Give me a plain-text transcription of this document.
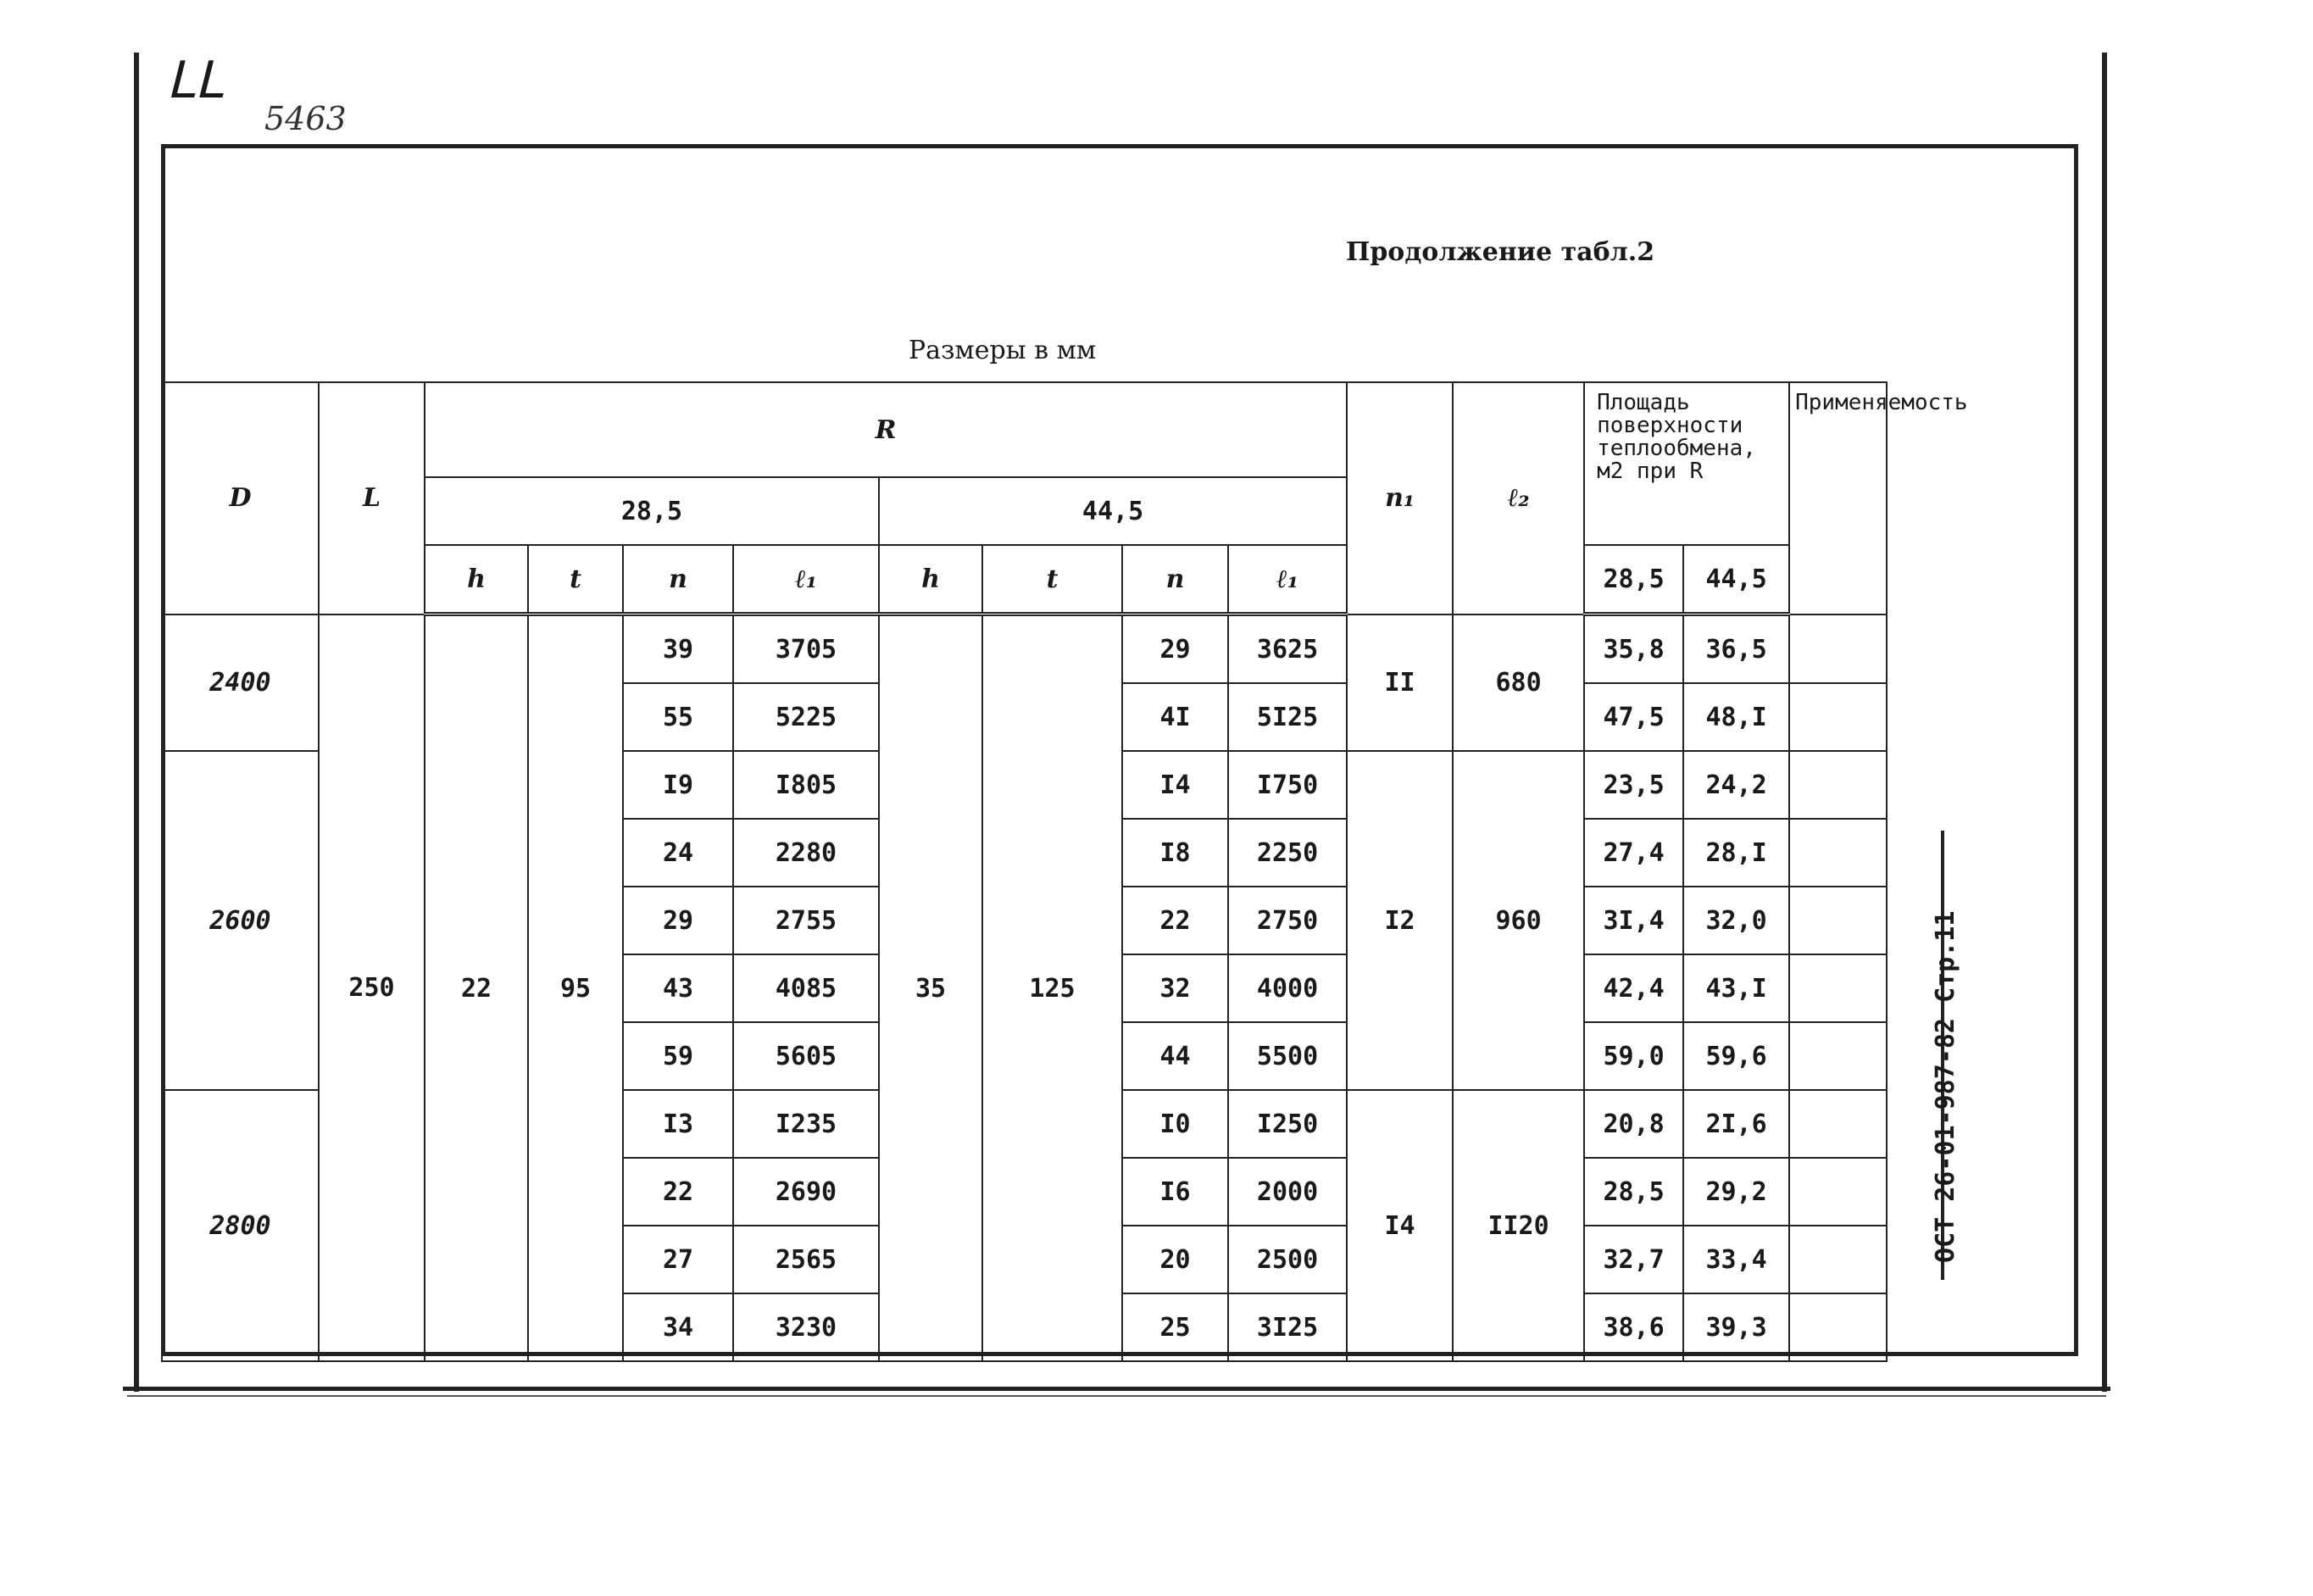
ᒪᒪ
5463
Продолжение табл.2
Размеры в мм
ОСТ 26-01-987-82 Стр.11
D	L	R								n₁	ℓ₂	Площадь поверхности теплообмена, м2 при R		Применяемость
		28,5				44,5								
		h	t	n	ℓ₁	h	t	n	ℓ₁			28,5	44,5	
2400	250	22	95	39	3705	35	125	29	3625	II	680	35,8	36,5	
				55	5225			4I	5I25			47,5	48,I	
2600				I9	I805			I4	I750	I2	960	23,5	24,2	
				24	2280			I8	2250			27,4	28,I	
				29	2755			22	2750			3I,4	32,0	
				43	4085			32	4000			42,4	43,I	
				59	5605			44	5500			59,0	59,6	
2800				I3	I235			I0	I250	I4	II20	20,8	2I,6	
				22	2690			I6	2000			28,5	29,2	
				27	2565			20	2500			32,7	33,4	
				34	3230			25	3I25			38,6	39,3	
